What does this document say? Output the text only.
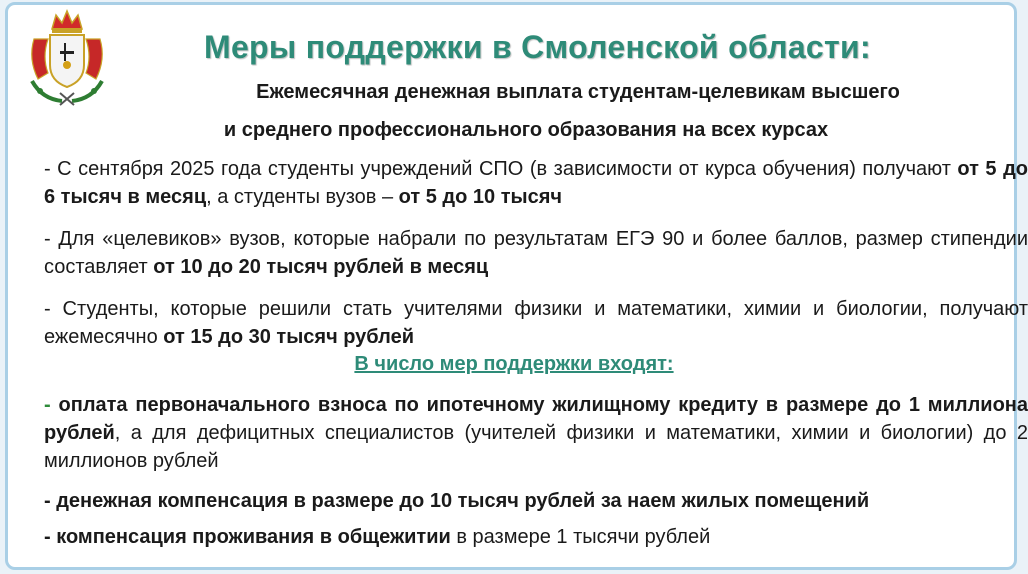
Меры поддержки в Смоленской области:
Ежемесячная денежная выплата студентам-целевикам высшего
и среднего профессионального образования на всех курсах
- С сентября 2025 года студенты учреждений СПО (в зависимости от курса обучения) получают от 5 до 6 тысяч в месяц, а студенты вузов – от 5 до 10 тысяч
- Для «целевиков» вузов, которые набрали по результатам ЕГЭ 90 и более баллов, размер стипендии составляет от 10 до 20 тысяч рублей в месяц
- Студенты, которые решили стать учителями физики и математики, химии и биологии, получают ежемесячно от 15 до 30 тысяч рублей
В число мер поддержки входят:
- оплата первоначального взноса по ипотечному жилищному кредиту в размере до 1 миллиона рублей, а для дефицитных специалистов (учителей физики и математики, химии и биологии) до 2 миллионов рублей
- денежная компенсация в размере до 10 тысяч рублей за наем жилых помещений
- компенсация проживания в общежитии в размере 1 тысячи рублей
